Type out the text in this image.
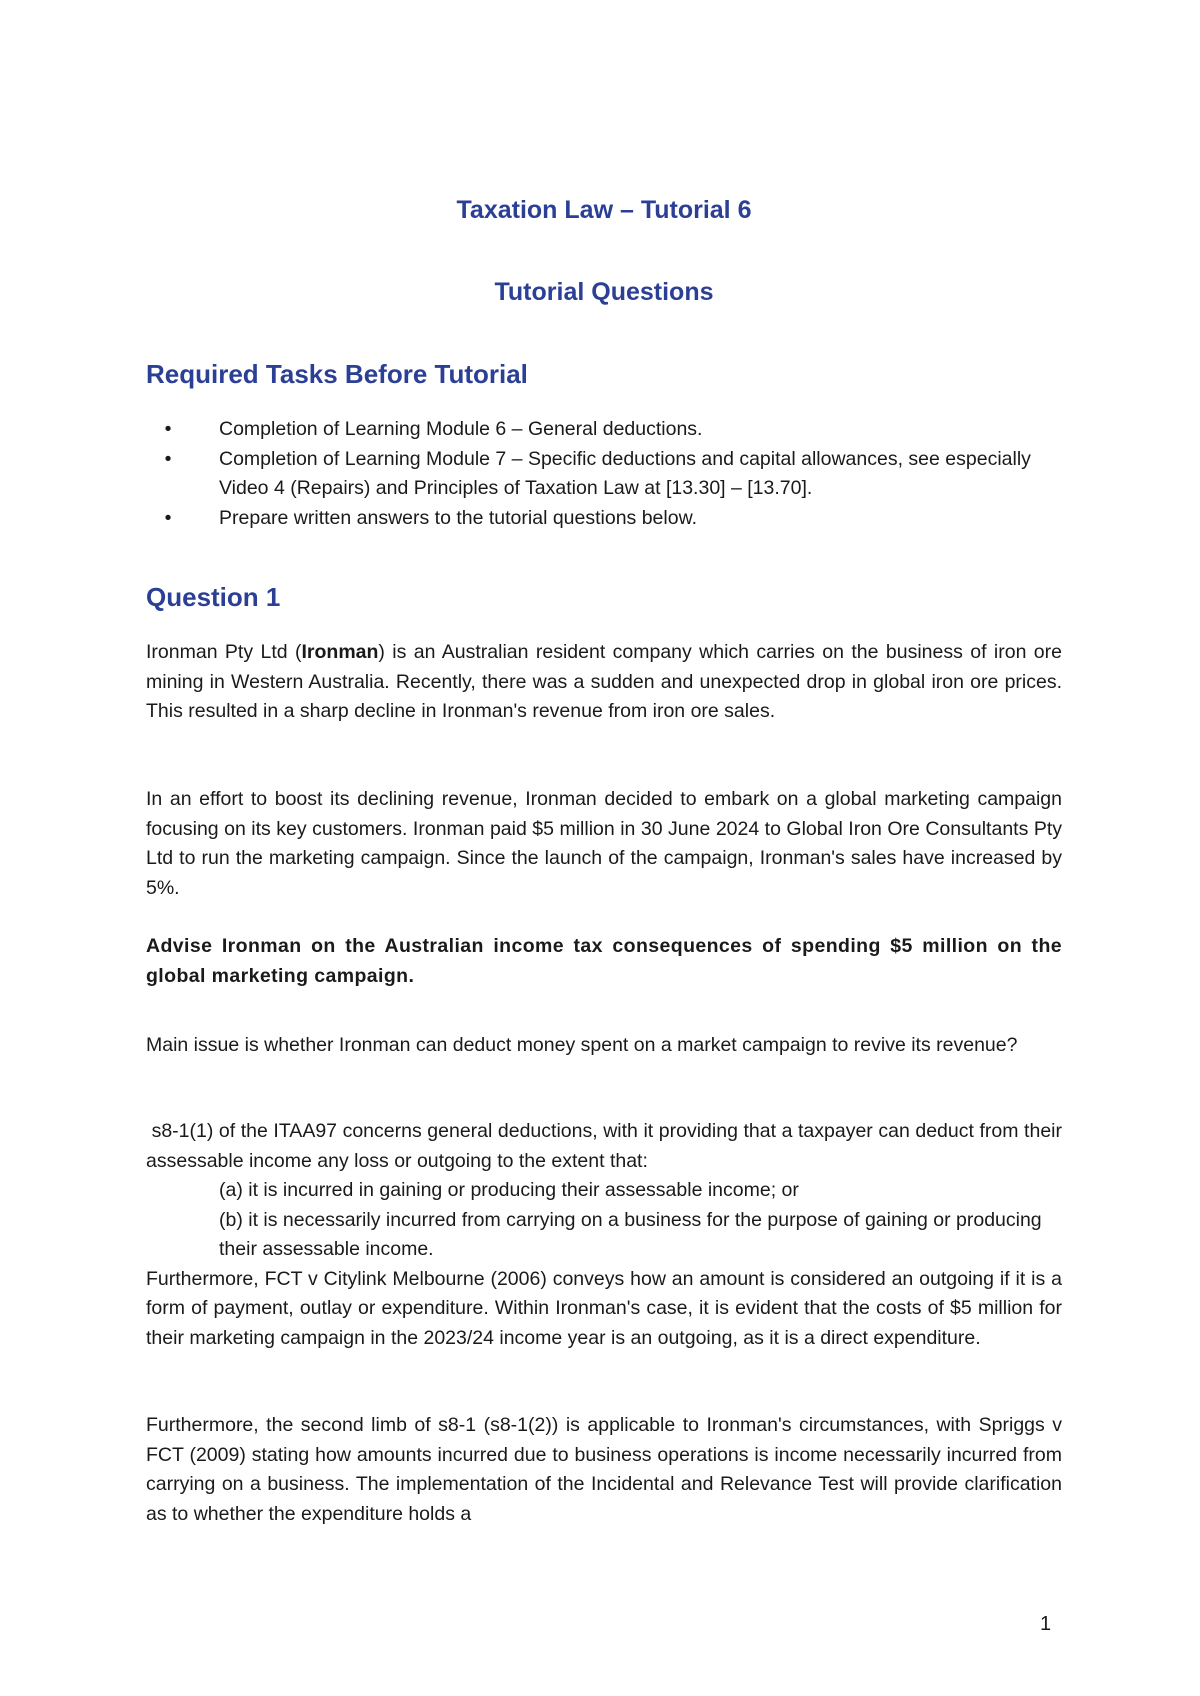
Taxation Law – Tutorial 6
Tutorial Questions
Required Tasks Before Tutorial
•	Completion of Learning Module 6 – General deductions.
•	Completion of Learning Module 7 – Specific deductions and capital allowances, see especially Video 4 (Repairs) and Principles of Taxation Law at [13.30] – [13.70].
•	Prepare written answers to the tutorial questions below.
Question 1

Ironman Pty Ltd (Ironman) is an Australian resident company which carries on the business of iron ore mining in Western Australia. Recently, there was a sudden and unexpected drop in global iron ore prices. This resulted in a sharp decline in Ironman's revenue from iron ore sales.

In an effort to boost its declining revenue, Ironman decided to embark on a global marketing campaign focusing on its key customers. Ironman paid $5 million in 30 June 2024 to Global Iron Ore Consultants Pty Ltd to run the marketing campaign. Since the launch of the campaign, Ironman's sales have increased by 5%.

Advise Ironman on the Australian income tax consequences of spending $5 million on the global marketing campaign.

Main issue is whether Ironman can deduct money spent on a market campaign to revive its revenue?

s8-1(1) of the ITAA97 concerns general deductions, with it providing that a taxpayer can deduct from their assessable income any loss or outgoing to the extent that:
(a) it is incurred in gaining or producing their assessable income; or
(b) it is necessarily incurred from carrying on a business for the purpose of gaining or producing their assessable income.
Furthermore, FCT v Citylink Melbourne (2006) conveys how an amount is considered an outgoing if it is a form of payment, outlay or expenditure. Within Ironman's case, it is evident that the costs of $5 million for their marketing campaign in the 2023/24 income year is an outgoing, as it is a direct expenditure.

Furthermore, the second limb of s8-1 (s8-1(2)) is applicable to Ironman's circumstances, with Spriggs v FCT (2009) stating how amounts incurred due to business operations is income necessarily incurred from carrying on a business. The implementation of the Incidental and Relevance Test will provide clarification as to whether the expenditure holds a

1
